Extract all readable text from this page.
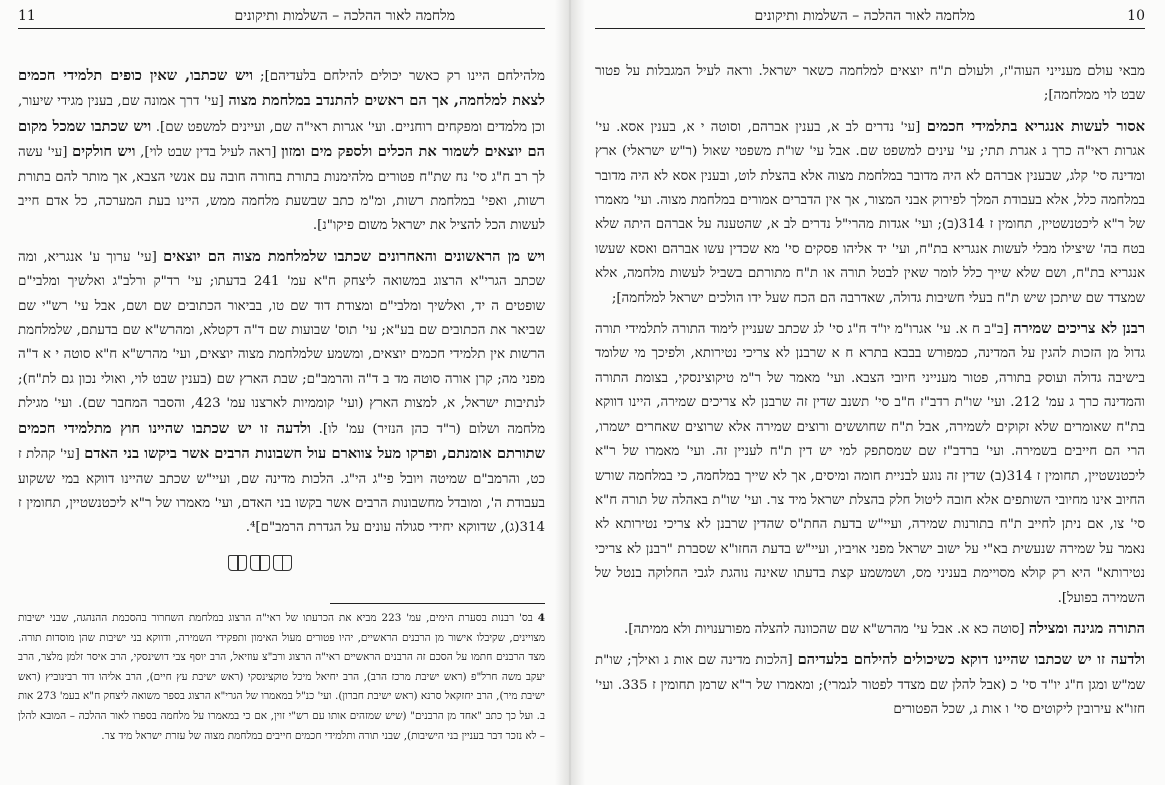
11	מלחמה לאור ההלכה – השלמות ותיקונים

מלהילחם היינו רק כאשר יכולים להילחם בלעדיהם]; ויש שכתבו, שאין כופים תלמידי חכמים לצאת למלחמה, אך הם ראשים להתנדב במלחמת מצוה [עי' דרך אמונה שם, בענין מגידי שיעור, וכן מלמדים ומפקחים רוחניים. ועי' אגרות ראי"ה שם, ועיינים למשפט שם]. ויש שכתבו שמכל מקום הם יוצאים לשמור את הכלים ולספק מים ומזון [ראה לעיל בדין שבט לוי], ויש חולקים [עי' עשה לך רב ח"ג סי' נח שת"ח פטורים מלהימנות בתורת בחורה חובה עם אנשי הצבא, אך מותר להם בתורת רשות, ואפי' במלחמת רשות, ומ"מ כתב שבשעת מלחמה ממש, היינו בעת המערכה, כל אדם חייב לעשות הכל להציל את ישראל משום פיקו"נ].

ויש מן הראשונים והאחרונים שכתבו שלמלחמת מצוה הם יוצאים [עי' ערוך ע' אנגריא, ומה שכתב הגרי"א הרצוג במשואה ליצחק ח"א עמ' 241 בדעתו; עי' רד"ק ורלב"ג ואלשיך ומלבי"ם שופטים ה יד, ואלשיך ומלבי"ם ומצודת דוד שם טו, בביאור הכתובים שם ושם, אבל עי' רש"י שם שביאר את הכתובים שם בע"א; עי' תוס' שבועות שם ד"ה דקטלא, ומהרש"א שם בדעתם, שלמלחמת הרשות אין תלמידי חכמים יוצאים, ומשמע שלמלחמת מצוה יוצאים, ועי' מהרש"א ח"א סוטה י א ד"ה מפני מה; קרן אורה סוטה מד ב ד"ה והרמב"ם; שבת הארץ שם (בענין שבט לוי, ואולי נכון גם לת"ח); לנתיבות ישראל, א, למצות הארץ (ועי' קוממיות לארצנו עמ' 423, והסבר המחבר שם). ועי' מגילת מלחמה ושלום (ר"ד כהן הנזיר) עמ' לו]. ולדעה זו יש שכתבו שהיינו חוץ מתלמידי חכמים שתורתם אומנתם, ופרקו מעל צווארם עול חשבונות הרבים אשר ביקשו בני האדם [עי' קהלת ז כט, והרמב"ם שמיטה ויובל פי"ג הי"ג. הלכות מדינה שם, ועיי"ש שכתב שהיינו דווקא במי ששקוע בעבודת ה', ומובדל מחשבונות הרבים אשר בקשו בני האדם, ועי' מאמרו של ר"א ליכטנשטיין, תחומין ז 314(ג), שדווקא יחידי סגולה עונים על הגדרת הרמב"ם]⁴.

4 בס' רבנות בסערת הימים, עמ' 223 מביא את הכרעתו של ראי"ה הרצוג במלחמת השחרור בהסכמת ההנהגה, שבני ישיבות מצויינים, שקיבלו אישור מן הרבנים הראשיים, יהיו פטורים מעול האימון ותפקידי השמירה, ודווקא בני ישיבות שהן מוסדות תורה. מצד הרבנים חתמו על הסכם זה הרבנים הראשיים ראי"ה הרצוג ורב"צ עוזיאל, הרב יוסף צבי דושינסקי, הרב איסר זלמן מלצר, הרב יעקב משה חרל"פ (ראש ישיבת מרכז הרב), הרב יחיאל מיכל טוקצינסקי (ראש ישיבת עץ חיים), הרב אליהו דוד רבינוביץ (ראש ישיבת מיר), הרב יחזקאל סרנא (ראש ישיבת חברון). ועי' כנ"ל במאמרו של הגרי"א הרצוג בספר משואה ליצחק ח"א בעמ' 273 אות ב. ועל כך כתב "אחד מן הרבנים" (שיש שמזהים אותו עם רש"י זוין, אם כי במאמרו על מלחמה בספרו לאור ההלכה – המובא להלן – לא נזכר דבר בעניין בני הישיבות), שבני תורה ותלמידי חכמים חייבים במלחמת מצוה של עזרת ישראל מיד צר.
מלחמה לאור ההלכה – השלמות ותיקונים	10

מבאי עולם מענייני העוה"ז, ולעולם ת"ח יוצאים למלחמה כשאר ישראל. וראה לעיל המגבלות על פטור שבט לוי ממלחמה];

אסור לעשות אנגריא בתלמידי חכמים [עי' נדרים לב א, בענין אברהם, וסוטה י א, בענין אסא. עי' אגרות ראי"ה כרך ג אגרת תתי; עי' עינים למשפט שם. אבל עי' שו"ת משפטי שאול (ר"ש ישראלי) ארץ ומדינה סי' קלג, שבענין אברהם לא היה מדובר במלחמת מצוה אלא בהצלת לוט, ובענין אסא לא היה מדובר במלחמה כלל, אלא בעבודת המלך לפירוק אבני המצור, אך אין הדברים אמורים במלחמת מצוה. ועי' מאמרו של ר"א ליכטנשטיין, תחומין ז 314(ב); ועי' אגדות מהרי"ל נדרים לב א, שהטענה על אברהם היתה שלא בטח בה' שיצילו מבלי לעשות אנגריא בת"ח, ועי' יד אליהו פסקים סי' מא שכדין עשו אברהם ואסא שעשו אנגריא בת"ח, ושם שלא שייך כלל לומר שאין לבטל תורה או ת"ח מתורתם בשביל לעשות מלחמה, אלא שמצדד שם שיתכן שיש ת"ח בעלי חשיבות גדולה, שאדרבה הם הכח שעל ידו הולכים ישראל למלחמה];

רבנן לא צריכים שמירה [ב"ב ח א. עי' אגרו"מ יו"ד ח"ג סי' לג שכתב שעניין לימוד התורה לתלמידי תורה גדול מן הזכות להגין על המדינה, כמפורש בבבא בתרא ח א שרבנן לא צריכי נטירותא, ולפיכך מי שלומד בישיבה גדולה ועוסק בתורה, פטור מענייני חיובי הצבא. ועי' מאמר של ר"מ טיקוצינסקי, בצומת התורה והמדינה כרך ג עמ' 212. ועי' שו"ת רדב"ז ח"ב סי' תשנב שדין זה שרבנן לא צריכים שמירה, היינו דווקא בת"ח שאומרים שלא זקוקים לשמירה, אבל ת"ח שחוששים ורוצים שמירה אלא שרוצים שאחרים ישמרו, הרי הם חייבים בשמירה. ועי' ברדב"ז שם שמסתפק למי יש דין ת"ח לעניין זה. ועי' מאמרו של ר"א ליכטנשטיין, תחומין ז 314(ב) שדין זה נוגע לבניית חומה ומיסים, אך לא שייך במלחמה, כי במלחמה שורש החיוב אינו מחיובי השותפים אלא חובה ליטול חלק בהצלת ישראל מיד צר. ועי' שו"ת באהלה של תורה ח"א סי' צו, אם ניתן לחייב ת"ח בתורנות שמירה, ועיי"ש בדעת החת"ס שהדין שרבנן לא צריכי נטירותא לא נאמר על שמירה שנעשית בא"י על ישוב ישראל מפני אויביו, ועיי"ש בדעת החזו"א שסברת "רבנן לא צריכי נטירותא" היא רק קולא מסויימת בעניני מס, ושמשמע קצת בדעתו שאינה נוהגת לגבי החלוקה בנטל של השמירה בפועל].

התורה מגינה ומצילה [סוטה כא א. אבל עי' מהרש"א שם שהכוונה להצלה מפורענויות ולא ממיתה].

ולדעה זו יש שכתבו שהיינו דוקא כשיכולים להילחם בלעדיהם [הלכות מדינה שם אות ג ואילך; שו"ת שמ"ש ומגן ח"ג יו"ד סי' כ (אבל להלן שם מצדד לפטור לגמרי); ומאמרו של ר"א שרמן תחומין ז 335. ועי' חזו"א עירובין ליקוטים סי' ו אות ג, שכל הפטורים
